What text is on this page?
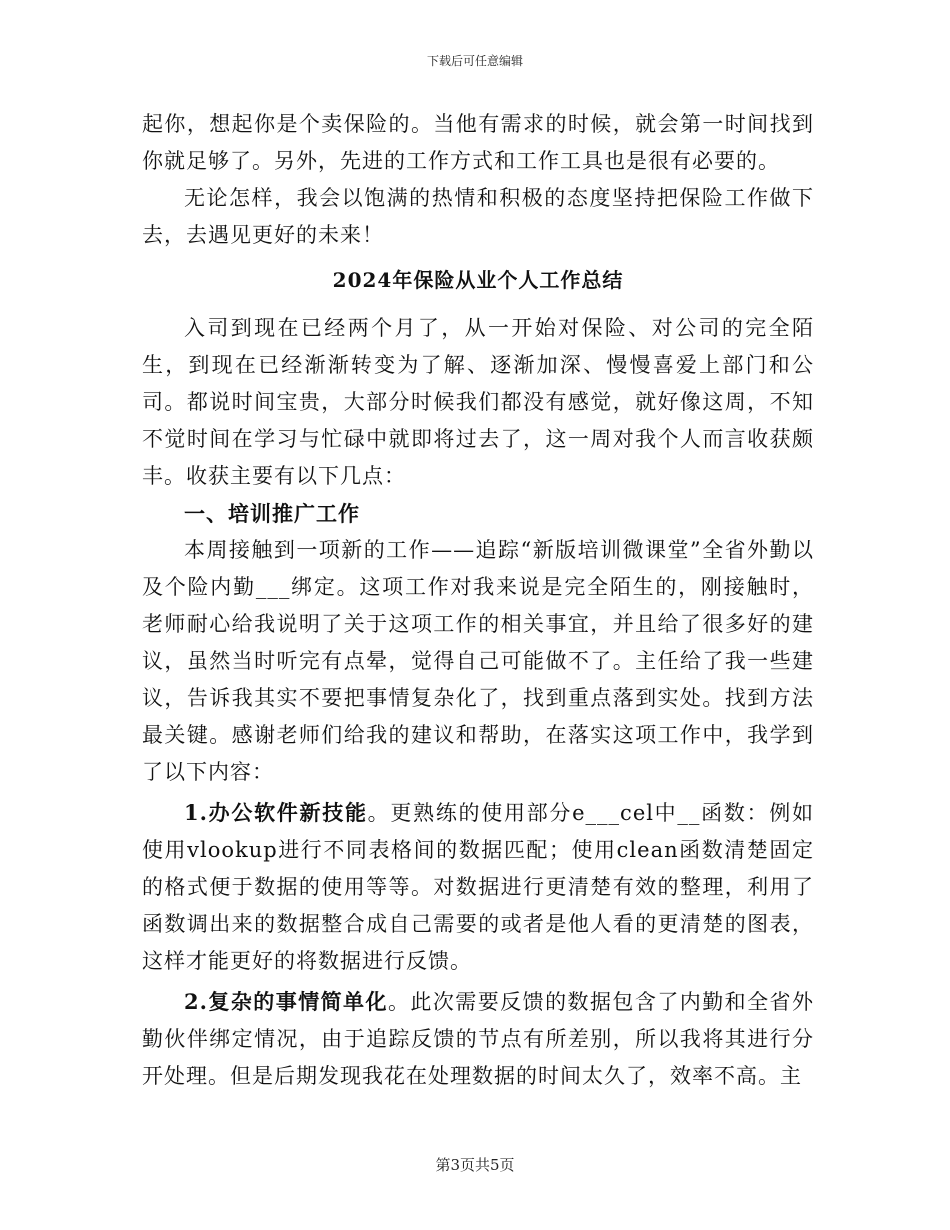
下载后可任意编辑

起你，想起你是个卖保险的。当他有需求的时候，就会第一时间找到你就足够了。另外，先进的工作方式和工作工具也是很有必要的。

无论怎样，我会以饱满的热情和积极的态度坚持把保险工作做下去，去遇见更好的未来！

2024年保险从业个人工作总结

入司到现在已经两个月了，从一开始对保险、对公司的完全陌生，到现在已经渐渐转变为了解、逐渐加深、慢慢喜爱上部门和公司。都说时间宝贵，大部分时候我们都没有感觉，就好像这周，不知不觉时间在学习与忙碌中就即将过去了，这一周对我个人而言收获颇丰。收获主要有以下几点：

一、培训推广工作

本周接触到一项新的工作——追踪“新版培训微课堂”全省外勤以及个险内勤___绑定。这项工作对我来说是完全陌生的，刚接触时，老师耐心给我说明了关于这项工作的相关事宜，并且给了很多好的建议，虽然当时听完有点晕，觉得自己可能做不了。主任给了我一些建议，告诉我其实不要把事情复杂化了，找到重点落到实处。找到方法最关键。感谢老师们给我的建议和帮助，在落实这项工作中，我学到了以下内容：

1.办公软件新技能。更熟练的使用部分e___cel中__函数：例如使用vlookup进行不同表格间的数据匹配；使用clean函数清楚固定的格式便于数据的使用等等。对数据进行更清楚有效的整理，利用了函数调出来的数据整合成自己需要的或者是他人看的更清楚的图表，这样才能更好的将数据进行反馈。

2.复杂的事情简单化。此次需要反馈的数据包含了内勤和全省外勤伙伴绑定情况，由于追踪反馈的节点有所差别，所以我将其进行分开处理。但是后期发现我花在处理数据的时间太久了，效率不高。主

第3页共5页
